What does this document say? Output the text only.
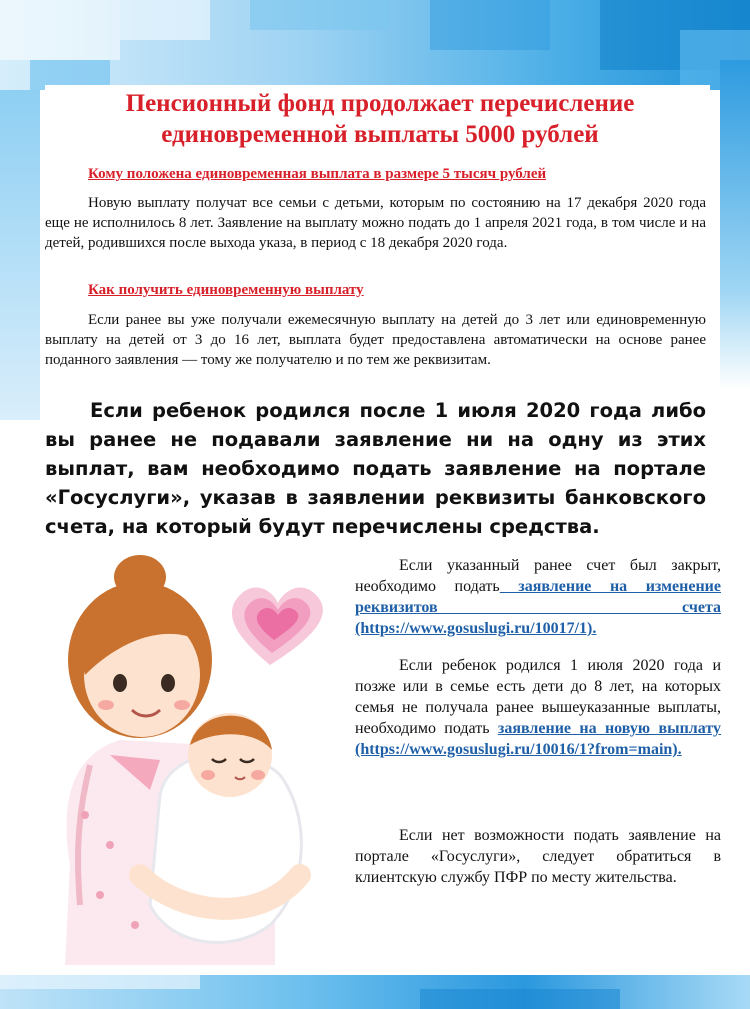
Пенсионный фонд продолжает перечисление
единовременной выплаты 5000 рублей
Кому положена единовременная выплата в размере 5 тысяч рублей
Новую выплату получат все семьи с детьми, которым по состоянию на 17 декабря 2020 года еще не исполнилось 8 лет. Заявление на выплату можно подать до 1 апреля 2021 года, в том числе и на детей, родившихся после выхода указа, в период с 18 декабря 2020 года.
Как получить единовременную выплату
Если ранее вы уже получали ежемесячную выплату на детей до 3 лет или единовременную выплату на детей от 3 до 16 лет, выплата будет предоставлена автоматически на основе ранее поданного заявления — тому же получателю и по тем же реквизитам.
Если ребенок родился после 1 июля 2020 года либо вы ранее не подавали заявление ни на одну из этих выплат, вам необходимо подать заявление на портале «Госуслуги», указав в заявлении реквизиты банковского счета, на который будут перечислены средства.
Если указанный ранее счет был закрыт, необходимо подать заявление на изменение реквизитов счета (https://www.gosuslugi.ru/10017/1).
Если ребенок родился 1 июля 2020 года и позже или в семье есть дети до 8 лет, на которых семья не получала ранее вышеуказанные выплаты, необходимо подать заявление на новую выплату (https://www.gosuslugi.ru/10016/1?from=main).
Если нет возможности подать заявление на портале «Госуслуги», следует обратиться в клиентскую службу ПФР по месту жительства.
